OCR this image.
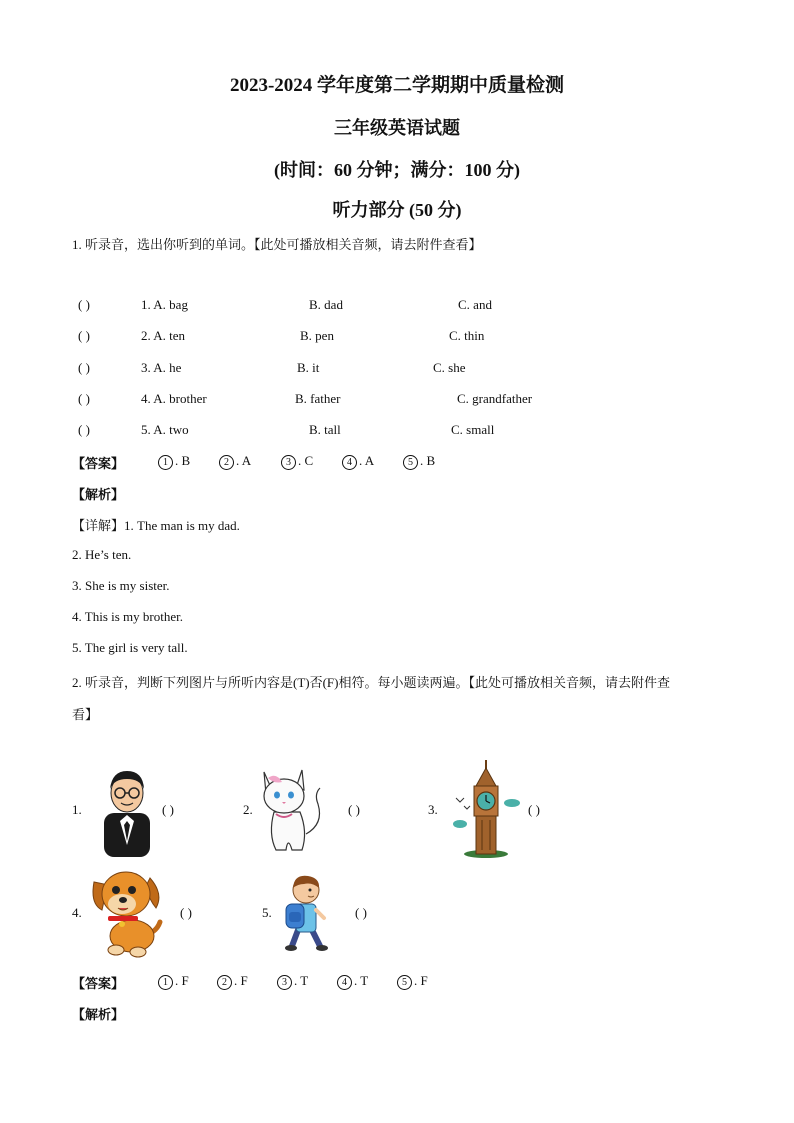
2023-2024 学年度第二学期期中质量检测
三年级英语试题
(时间：60 分钟；满分：100 分)
听力部分 (50 分)
1. 听录音，选出你听到的单词。【此处可播放相关音频，请去附件查看】
( )	1. A. bag	B. dad	C. and
( )	2. A. ten	B. pen	C. thin
( )	3. A. he	B. it	C. she
( )	4. A. brother	B. father	C. grandfather
( )	5. A. two	B. tall	C. small
【答案】	1 . B	2 . A	3 . C	4 . A	5 . B
【解析】
【详解】1. The man is my dad.
2. He’s ten.
3. She is my sister.
4. This is my brother.
5. The girl is very tall.
2. 听录音，判断下列图片与所听内容是(T)否(F)相符。每小题读两遍。【此处可播放相关音频，请去附件查
看】
1.	( )	2.	( )	3.	( )
4.	( )	5.	( )
【答案】	1 . F	2 . F	3 . T	4 . T	5 . F
【解析】
